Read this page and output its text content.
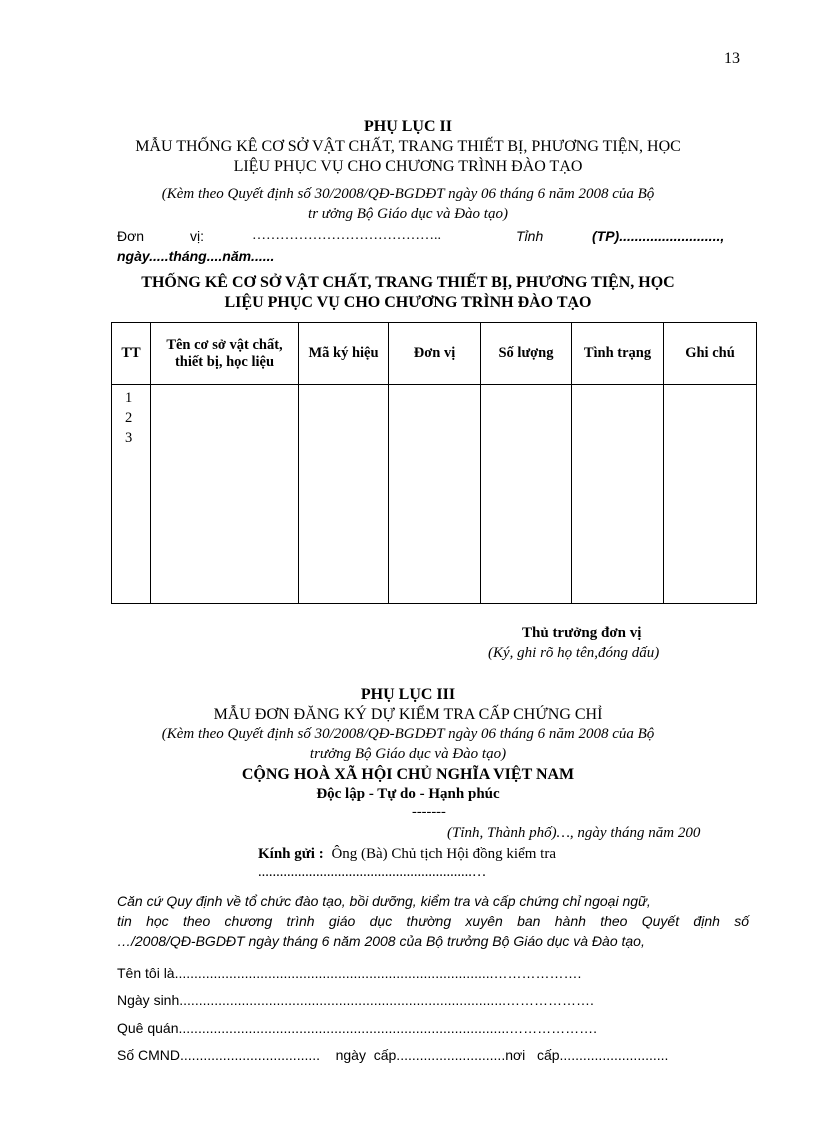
13
PHỤ LỤC II
MẪU THỐNG KÊ CƠ SỞ VẬT CHẤT, TRANG THIẾT BỊ, PHƯƠNG TIỆN, HỌC
LIỆU PHỤC VỤ CHO CHƯƠNG TRÌNH ĐÀO TẠO
(Kèm theo Quyết định số 30/2008/QĐ-BGDĐT ngày 06 tháng 6 năm 2008 của Bộ
tr ưởng Bộ Giáo dục và Đào tạo)
Đơn	vị:	…………………………………..	Tỉnh	(TP)..........................,
ngày.....tháng....năm......
THỐNG KÊ CƠ SỞ VẬT CHẤT, TRANG THIẾT BỊ, PHƯƠNG TIỆN, HỌC
LIỆU PHỤC VỤ CHO CHƯƠNG TRÌNH ĐÀO TẠO
TT	Tên cơ sở vật chất, thiết bị, học liệu	Mã ký hiệu	Đơn vị	Số lượng	Tình trạng	Ghi chú

1
2
3						

Thủ trưởng đơn vị
(Ký, ghi rõ họ tên,đóng dấu)
PHỤ LỤC III
MẪU ĐƠN ĐĂNG KÝ DỰ KIỂM TRA CẤP CHỨNG CHỈ
(Kèm theo Quyết định số 30/2008/QĐ-BGDĐT ngày 06 tháng 6 năm 2008 của Bộ
trưởng Bộ Giáo dục và Đào tạo)
CỘNG HOÀ XÃ HỘI CHỦ NGHĨA VIỆT NAM
Độc lập - Tự do - Hạnh phúc
-------
(Tỉnh, Thành phố)…, ngày tháng năm 200
Kính gửi : Ông (Bà) Chủ tịch Hội đồng kiểm tra
...........................................................…
Căn cứ Quy định về tổ chức đào tạo, bồi dưỡng, kiểm tra và cấp chứng chỉ ngoại ngữ,
tin học theo chương trình giáo dục thường xuyên ban hành theo Quyết định số
…/2008/QĐ-BGDĐT ngày tháng 6 năm 2008 của Bộ trưởng Bộ Giáo dục và Đào tạo,
Tên tôi là..................................................................................……………….
Ngày sinh....................................................................................……………….
Quê quán.....................................................................................……………….
Số CMND....................................    ngày  cấp............................nơi   cấp............................
